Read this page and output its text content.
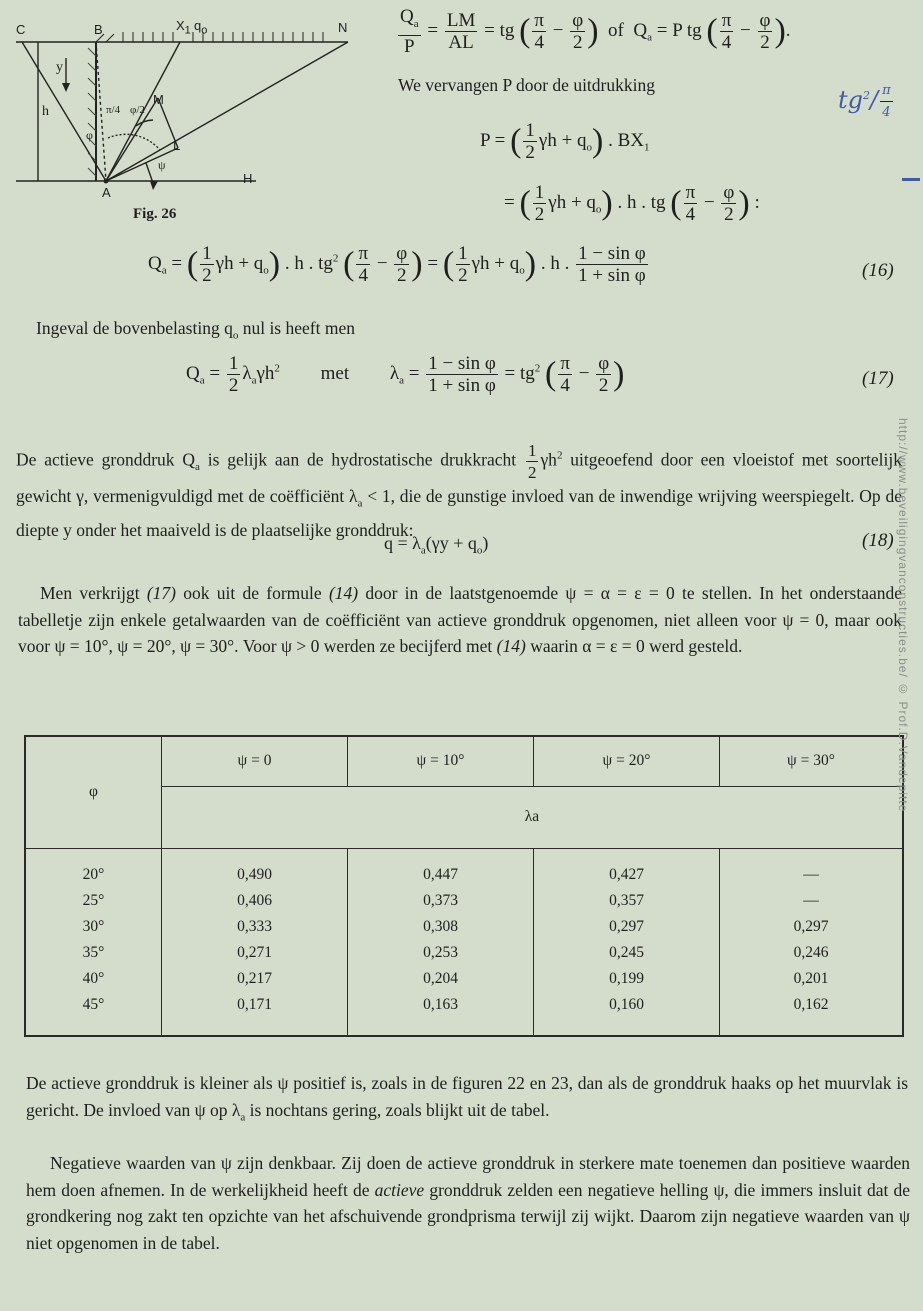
C	B	$X_1$ $q_o$	N
y
h
M
L
A
H
π/4 φ/2
φ
ψ
Fig. 26
$\frac{Q_a}{P} = \frac{LM}{AL}$ = tg ( $\frac{\pi}{4} - \frac{\varphi}{2}$ ) of $Q_a = P$ tg ( $\frac{\pi}{4} - \frac{\varphi}{2}$ ).
$tg^2/ \frac{\pi}{4}$
We vervangen P door de uitdrukking
P = ( $\frac{1}{2}$ $\gamma h + q_o$) . $BX_1$
= ( $\frac{1}{2}$ $\gamma h + q_o$) . h . tg ( $\frac{\pi}{4} - \frac{\varphi}{2}$ ) :
$Q_a$ = ( $\frac{1}{2}$ $\gamma h + q_o$) . h . $tg^2$ ( $\frac{\pi}{4} - \frac{\varphi}{2}$ ) = ( $\frac{1}{2}$ $\gamma h + q_o$) . h . $\frac{\text{1 − sin φ}}{\text{1 + sin φ}}$	(16)
Ingeval de bovenbelasting $q_o$ nul is heeft men
$Q_a = \frac{1}{2} \lambda_a\gamma h^2$ met $\lambda_a = \frac{\text{1 − sin φ}}{\text{1 + sin φ}} = tg^2$ ( $\frac{\pi}{4} - \frac{\varphi}{2}$ )	(17)
De actieve gronddruk $Q_a$ is gelijk aan de hydrostatische drukkracht $\frac{1}{2} \gamma h^2$ uitgeoefend door een vloeistof met soortelijk gewicht γ, vermenigvuldigd met de coëfficiënt $\lambda_a < 1$, die de gunstige invloed van de inwendige wrijving weerspiegelt. Op de diepte y onder het maaiveld is de plaatselijke gronddruk:
$q = \lambda_a(\gamma y + q_o)$	(18)
Men verkrijgt (17) ook uit de formule (14) door in de laatstgenoemde ψ = α = ε = 0 te stellen. In het onderstaande tabelletje zijn enkele getalwaarden van de coëfficiënt van actieve gronddruk opgenomen, niet alleen voor ψ = 0, maar ook voor ψ = 10°, ψ = 20°, ψ = 30°. Voor ψ > 0 werden ze becijferd met (14) waarin α = ε = 0 werd gesteld.
φ	ψ = 0	ψ = 10°	ψ = 20°	ψ = 30°
	λa			

20°	0,490	0,447	0,427	—
25°	0,406	0,373	0,357	—
30°	0,333	0,308	0,297	0,297
35°	0,271	0,253	0,245	0,246
40°	0,217	0,204	0,199	0,201
45°	0,171	0,163	0,160	0,162

De actieve gronddruk is kleiner als ψ positief is, zoals in de figuren 22 en 23, dan als de gronddruk haaks op het muurvlak is gericht. De invloed van ψ op $\lambda_a$ is nochtans gering, zoals blijkt uit de tabel.
Negatieve waarden van ψ zijn denkbaar. Zij doen de actieve gronddruk in sterkere mate toenemen dan positieve waarden hem doen afnemen. In de werkelijkheid heeft de actieve gronddruk zelden een negatieve helling ψ, die immers insluit dat de grondkering nog zakt ten opzichte van het afschuivende grondprisma terwijl zij wijkt. Daarom zijn negatieve waarden van ψ niet opgenomen in de tabel.
http://www.beveiligingvanconstructies.be/ © Prof.D.Vandepitte
